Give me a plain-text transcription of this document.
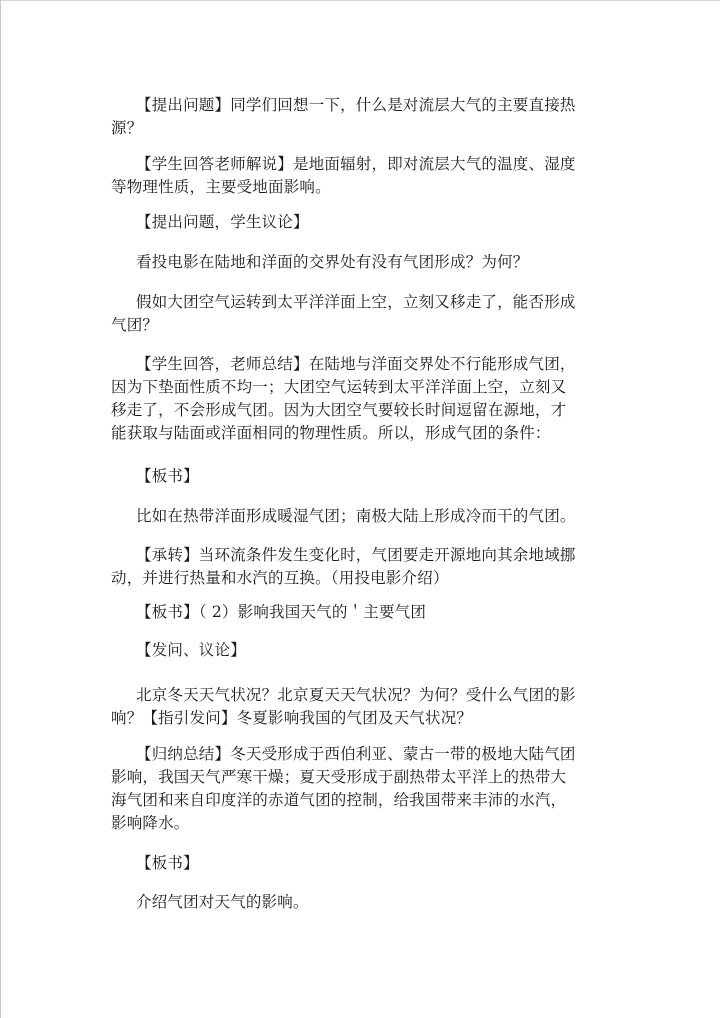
【提出问题】同学们回想一下，什么是对流层大气的主要直接热
源？
【学生回答老师解说】是地面辐射，即对流层大气的温度、湿度
等物理性质，主要受地面影响。
【提出问题，学生议论】
看投电影在陆地和洋面的交界处有没有气团形成？为何？
假如大团空气运转到太平洋洋面上空，立刻又移走了，能否形成
气团？
【学生回答，老师总结】在陆地与洋面交界处不行能形成气团，
因为下垫面性质不均一；大团空气运转到太平洋洋面上空，立刻又
移走了，不会形成气团。因为大团空气要较长时间逗留在源地，才
能获取与陆面或洋面相同的物理性质。所以，形成气团的条件：
【板书】
比如在热带洋面形成暖湿气团；南极大陆上形成冷而干的气团。
【承转】当环流条件发生变化时，气团要走开源地向其余地域挪
动，并进行热量和水汽的互换。（用投电影介绍）
【板书】（ 2）影响我国天气的＇主要气团
【发问、议论】
北京冬天天气状况？北京夏天天气状况？为何？受什么气团的影
响？【指引发问】冬夏影响我国的气团及天气状况？
【归纳总结】冬天受形成于西伯利亚、蒙古一带的极地大陆气团
影响，我国天气严寒干燥；夏天受形成于副热带太平洋上的热带大
海气团和来自印度洋的赤道气团的控制，给我国带来丰沛的水汽，
影响降水。
【板书】
介绍气团对天气的影响。
